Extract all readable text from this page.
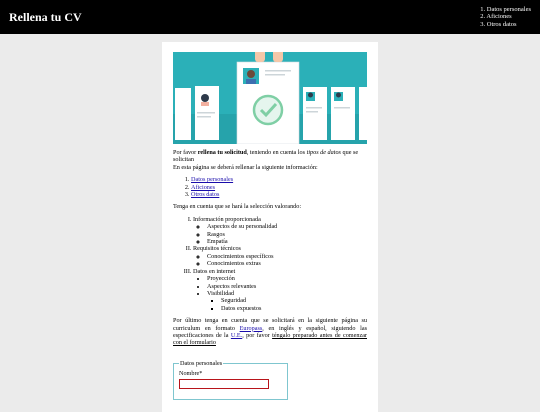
Rellena tu CV
1. Datos personales
2. Aficiones
3. Otros datos

Por favor rellena tu solicitud, teniendo en cuenta los tipos de datos que se solicitan

En esta página se deberá rellenar la siguiente información:

1. Datos personales
2. Aficiones
3. Otros datos

Tenga en cuenta que se hará la selección valorando:

I. Información proporcionada
◦ Aspectos de su personalidad
◦ Rasgos
◦ Empatía
II. Requisitos técnicos
◦ Conocimientos específicos
◦ Conocimientos extras
III. Datos en internet
• Proyección
• Aspectos relevantes
• Visibilidad
▪ Seguridad
▪ Datos expuestos

Por último tenga en cuenta que se solicitará en la siguiente página su curriculum en formato Europass, en inglés y español, siguiendo las especificaciones de la U.E., por favor téngalo preparado antes de comenzar con el formulario

Datos personales
Nombre*
